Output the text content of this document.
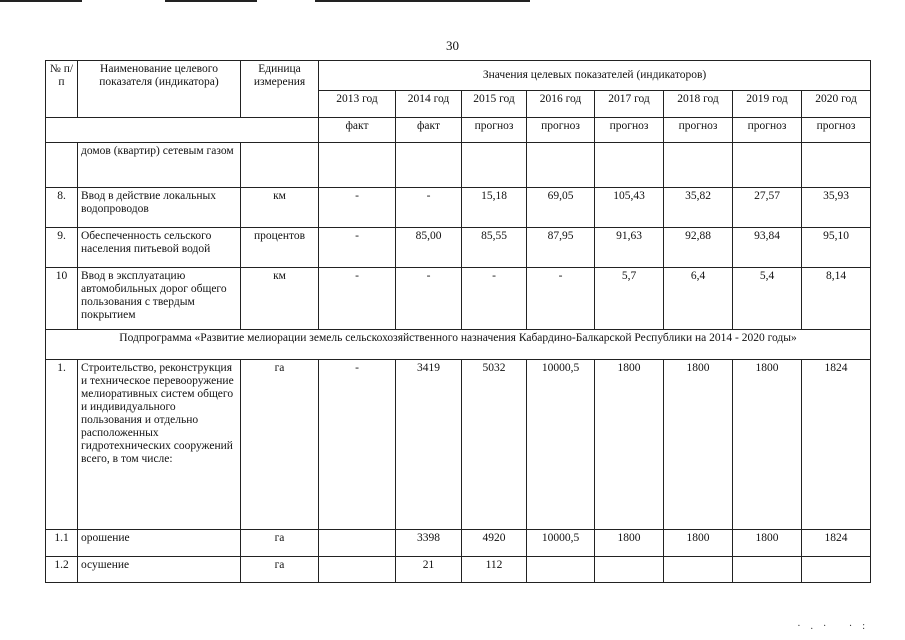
30
№ п/п	Наименование целевого показателя (индикатора)	Единица измерения	Значения целевых показателей (индикаторов)							
			2013 год	2014 год	2015 год	2016 год	2017 год	2018 год	2019 год	2020 год
			факт	факт	прогноз	прогноз	прогноз	прогноз	прогноз	прогноз
	домов (квартир) сетевым газом									
8.	Ввод в действие локальных водопроводов	км	-	-	15,18	69,05	105,43	35,82	27,57	35,93
9.	Обеспеченность сельского населения питьевой водой	процентов	-	85,00	85,55	87,95	91,63	92,88	93,84	95,10
10	Ввод в эксплуатацию автомобильных дорог общего пользования с твердым покрытием	км	-	-	-	-	5,7	6,4	5,4	8,14
Подпрограмма «Развитие мелиорации земель сельскохозяйственного назначения Кабардино-Балкарской Республики на 2014 - 2020 годы»										
1.	Строительство, реконструкция и техническое перевооружение мелиоративных систем общего и индивидуального пользования и отдельно расположенных гидротехнических сооружений всего, в том числе:	га	-	3419	5032	10000,5	1800	1800	1800	1824
1.1	орошение	га		3398	4920	10000,5	1800	1800	1800	1824
1.2	осушение	га		21	112					
·.· ·:
